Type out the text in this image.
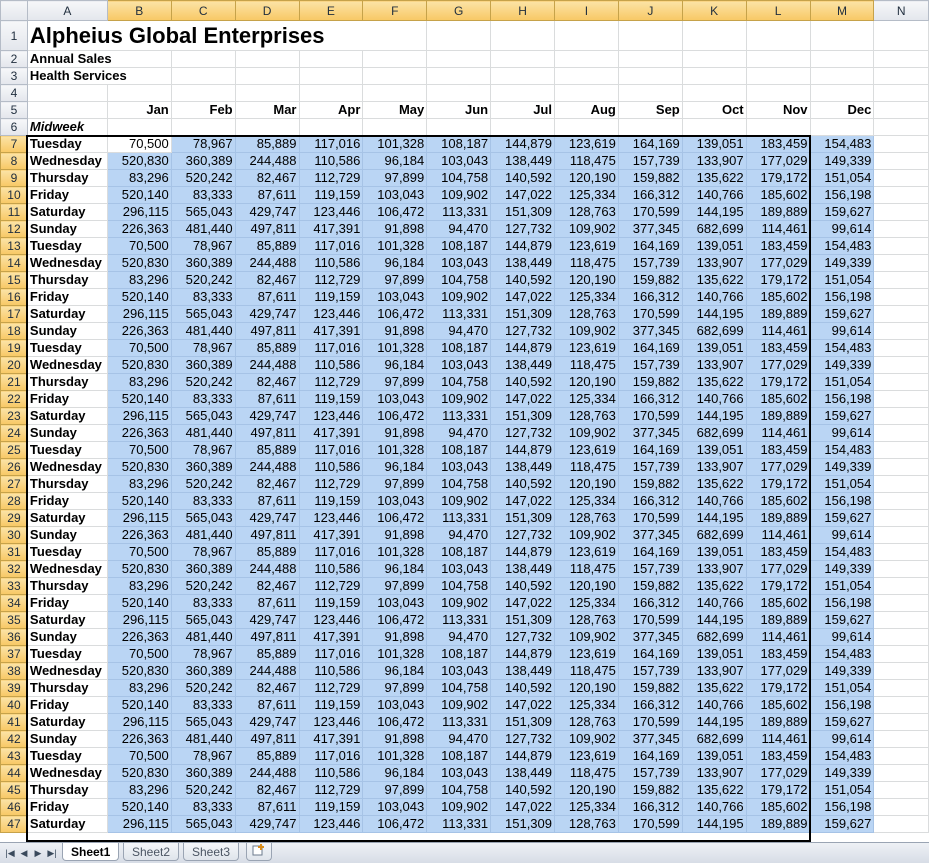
	A	B	C	D	E	F	G	H	I	J	K	L	M	N
1	Alpheius Global Enterprises													
2	Annual Sales													
3	Health Services													
4														
5		Jan	Feb	Mar	Apr	May	Jun	Jul	Aug	Sep	Oct	Nov	Dec	
6	Midweek													
7	Tuesday	70,500	78,967	85,889	117,016	101,328	108,187	144,879	123,619	164,169	139,051	183,459	154,483	
8	Wednesday	520,830	360,389	244,488	110,586	96,184	103,043	138,449	118,475	157,739	133,907	177,029	149,339	
9	Thursday	83,296	520,242	82,467	112,729	97,899	104,758	140,592	120,190	159,882	135,622	179,172	151,054	
10	Friday	520,140	83,333	87,611	119,159	103,043	109,902	147,022	125,334	166,312	140,766	185,602	156,198	
11	Saturday	296,115	565,043	429,747	123,446	106,472	113,331	151,309	128,763	170,599	144,195	189,889	159,627	
12	Sunday	226,363	481,440	497,811	417,391	91,898	94,470	127,732	109,902	377,345	682,699	114,461	99,614	
13	Tuesday	70,500	78,967	85,889	117,016	101,328	108,187	144,879	123,619	164,169	139,051	183,459	154,483	
14	Wednesday	520,830	360,389	244,488	110,586	96,184	103,043	138,449	118,475	157,739	133,907	177,029	149,339	
15	Thursday	83,296	520,242	82,467	112,729	97,899	104,758	140,592	120,190	159,882	135,622	179,172	151,054	
16	Friday	520,140	83,333	87,611	119,159	103,043	109,902	147,022	125,334	166,312	140,766	185,602	156,198	
17	Saturday	296,115	565,043	429,747	123,446	106,472	113,331	151,309	128,763	170,599	144,195	189,889	159,627	
18	Sunday	226,363	481,440	497,811	417,391	91,898	94,470	127,732	109,902	377,345	682,699	114,461	99,614	
19	Tuesday	70,500	78,967	85,889	117,016	101,328	108,187	144,879	123,619	164,169	139,051	183,459	154,483	
20	Wednesday	520,830	360,389	244,488	110,586	96,184	103,043	138,449	118,475	157,739	133,907	177,029	149,339	
21	Thursday	83,296	520,242	82,467	112,729	97,899	104,758	140,592	120,190	159,882	135,622	179,172	151,054	
22	Friday	520,140	83,333	87,611	119,159	103,043	109,902	147,022	125,334	166,312	140,766	185,602	156,198	
23	Saturday	296,115	565,043	429,747	123,446	106,472	113,331	151,309	128,763	170,599	144,195	189,889	159,627	
24	Sunday	226,363	481,440	497,811	417,391	91,898	94,470	127,732	109,902	377,345	682,699	114,461	99,614	
25	Tuesday	70,500	78,967	85,889	117,016	101,328	108,187	144,879	123,619	164,169	139,051	183,459	154,483	
26	Wednesday	520,830	360,389	244,488	110,586	96,184	103,043	138,449	118,475	157,739	133,907	177,029	149,339	
27	Thursday	83,296	520,242	82,467	112,729	97,899	104,758	140,592	120,190	159,882	135,622	179,172	151,054	
28	Friday	520,140	83,333	87,611	119,159	103,043	109,902	147,022	125,334	166,312	140,766	185,602	156,198	
29	Saturday	296,115	565,043	429,747	123,446	106,472	113,331	151,309	128,763	170,599	144,195	189,889	159,627	
30	Sunday	226,363	481,440	497,811	417,391	91,898	94,470	127,732	109,902	377,345	682,699	114,461	99,614	
31	Tuesday	70,500	78,967	85,889	117,016	101,328	108,187	144,879	123,619	164,169	139,051	183,459	154,483	
32	Wednesday	520,830	360,389	244,488	110,586	96,184	103,043	138,449	118,475	157,739	133,907	177,029	149,339	
33	Thursday	83,296	520,242	82,467	112,729	97,899	104,758	140,592	120,190	159,882	135,622	179,172	151,054	
34	Friday	520,140	83,333	87,611	119,159	103,043	109,902	147,022	125,334	166,312	140,766	185,602	156,198	
35	Saturday	296,115	565,043	429,747	123,446	106,472	113,331	151,309	128,763	170,599	144,195	189,889	159,627	
36	Sunday	226,363	481,440	497,811	417,391	91,898	94,470	127,732	109,902	377,345	682,699	114,461	99,614	
37	Tuesday	70,500	78,967	85,889	117,016	101,328	108,187	144,879	123,619	164,169	139,051	183,459	154,483	
38	Wednesday	520,830	360,389	244,488	110,586	96,184	103,043	138,449	118,475	157,739	133,907	177,029	149,339	
39	Thursday	83,296	520,242	82,467	112,729	97,899	104,758	140,592	120,190	159,882	135,622	179,172	151,054	
40	Friday	520,140	83,333	87,611	119,159	103,043	109,902	147,022	125,334	166,312	140,766	185,602	156,198	
41	Saturday	296,115	565,043	429,747	123,446	106,472	113,331	151,309	128,763	170,599	144,195	189,889	159,627	
42	Sunday	226,363	481,440	497,811	417,391	91,898	94,470	127,732	109,902	377,345	682,699	114,461	99,614	
43	Tuesday	70,500	78,967	85,889	117,016	101,328	108,187	144,879	123,619	164,169	139,051	183,459	154,483	
44	Wednesday	520,830	360,389	244,488	110,586	96,184	103,043	138,449	118,475	157,739	133,907	177,029	149,339	
45	Thursday	83,296	520,242	82,467	112,729	97,899	104,758	140,592	120,190	159,882	135,622	179,172	151,054	
46	Friday	520,140	83,333	87,611	119,159	103,043	109,902	147,022	125,334	166,312	140,766	185,602	156,198	
47	Saturday	296,115	565,043	429,747	123,446	106,472	113,331	151,309	128,763	170,599	144,195	189,889	159,627	
|◀ ◀ ▶ ▶|	Sheet1	Sheet2	Sheet3
